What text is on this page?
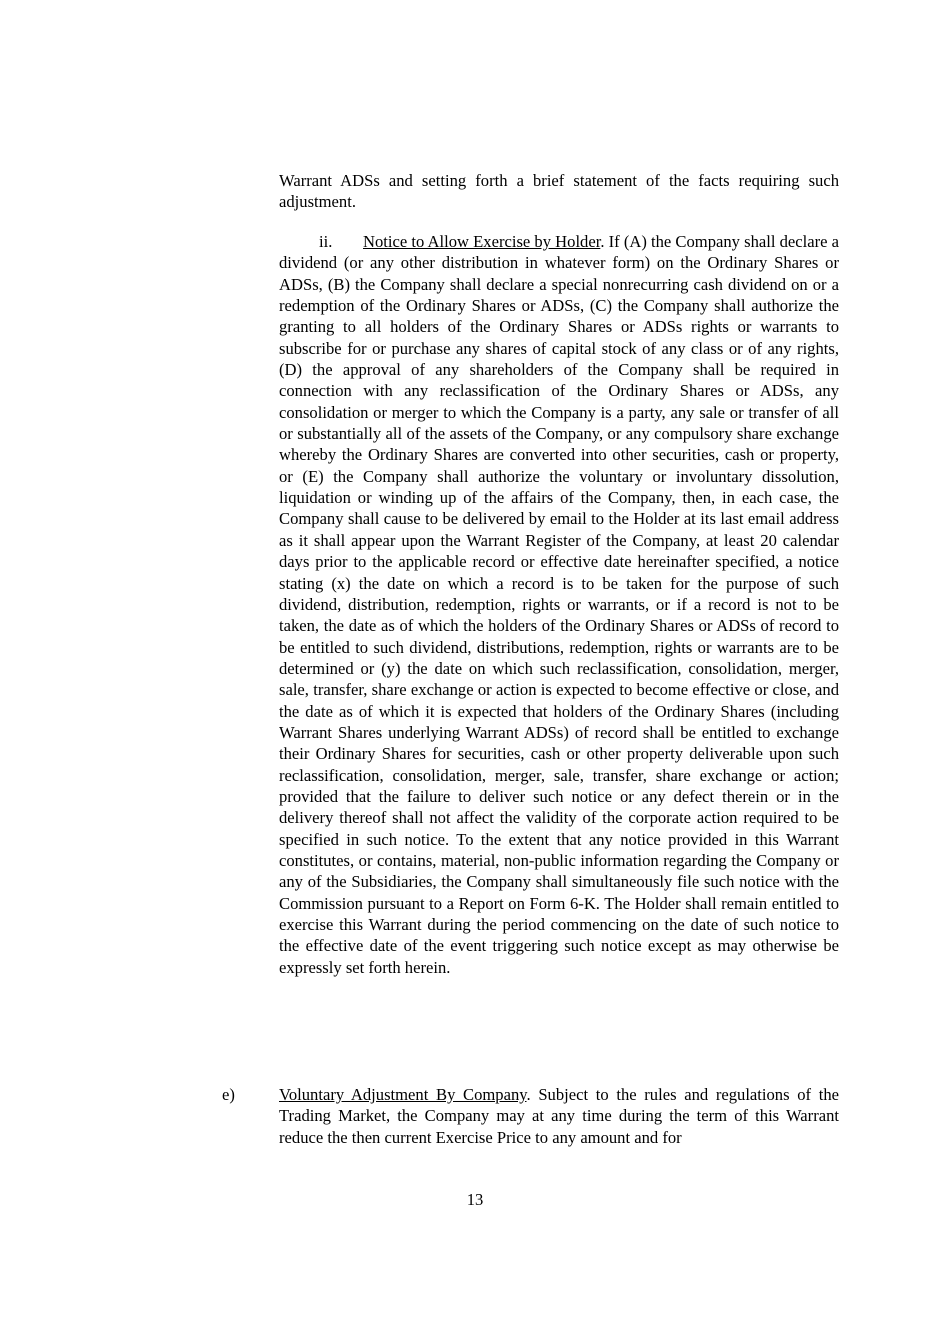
Warrant ADSs and setting forth a brief statement of the facts requiring such adjustment.

ii. Notice to Allow Exercise by Holder. If (A) the Company shall declare a dividend (or any other distribution in whatever form) on the Ordinary Shares or ADSs, (B) the Company shall declare a special nonrecurring cash dividend on or a redemption of the Ordinary Shares or ADSs, (C) the Company shall authorize the granting to all holders of the Ordinary Shares or ADSs rights or warrants to subscribe for or purchase any shares of capital stock of any class or of any rights, (D) the approval of any shareholders of the Company shall be required in connection with any reclassification of the Ordinary Shares or ADSs, any consolidation or merger to which the Company is a party, any sale or transfer of all or substantially all of the assets of the Company, or any compulsory share exchange whereby the Ordinary Shares are converted into other securities, cash or property, or (E) the Company shall authorize the voluntary or involuntary dissolution, liquidation or winding up of the affairs of the Company, then, in each case, the Company shall cause to be delivered by email to the Holder at its last email address as it shall appear upon the Warrant Register of the Company, at least 20 calendar days prior to the applicable record or effective date hereinafter specified, a notice stating (x) the date on which a record is to be taken for the purpose of such dividend, distribution, redemption, rights or warrants, or if a record is not to be taken, the date as of which the holders of the Ordinary Shares or ADSs of record to be entitled to such dividend, distributions, redemption, rights or warrants are to be determined or (y) the date on which such reclassification, consolidation, merger, sale, transfer, share exchange or action is expected to become effective or close, and the date as of which it is expected that holders of the Ordinary Shares (including Warrant Shares underlying Warrant ADSs) of record shall be entitled to exchange their Ordinary Shares for securities, cash or other property deliverable upon such reclassification, consolidation, merger, sale, transfer, share exchange or action; provided that the failure to deliver such notice or any defect therein or in the delivery thereof shall not affect the validity of the corporate action required to be specified in such notice. To the extent that any notice provided in this Warrant constitutes, or contains, material, non-public information regarding the Company or any of the Subsidiaries, the Company shall simultaneously file such notice with the Commission pursuant to a Report on Form 6-K. The Holder shall remain entitled to exercise this Warrant during the period commencing on the date of such notice to the effective date of the event triggering such notice except as may otherwise be expressly set forth herein.

e)	Voluntary Adjustment By Company. Subject to the rules and regulations of the Trading Market, the Company may at any time during the term of this Warrant reduce the then current Exercise Price to any amount and for

13
